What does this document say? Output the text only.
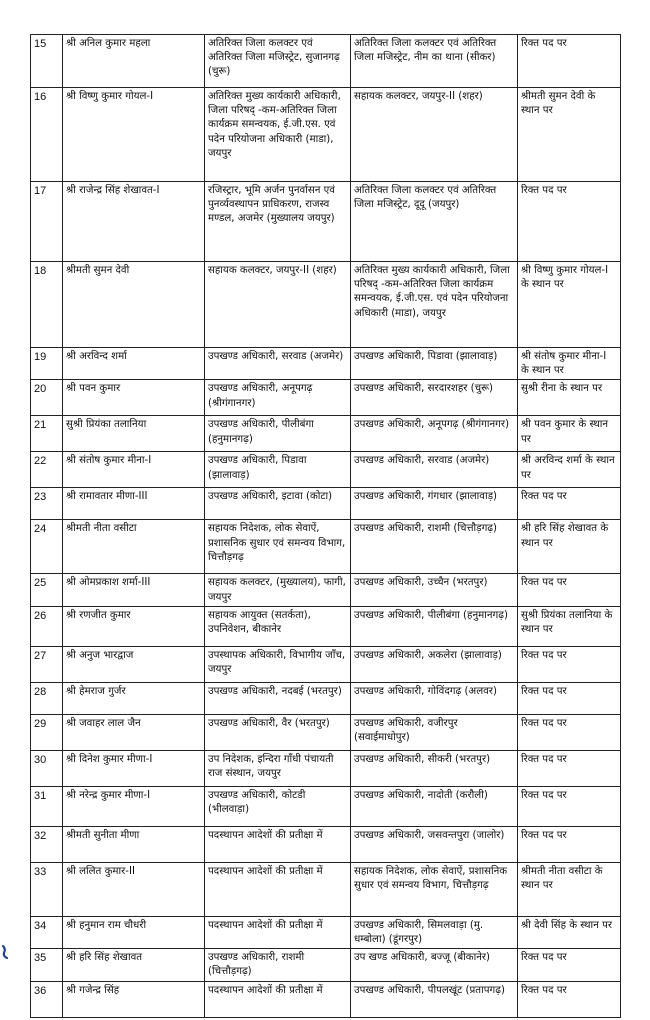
15	श्री अनिल कुमार महला	अतिरिक्त जिला कलक्टर एवं अतिरिक्त जिला मजिस्ट्रेट, सुजानगढ़ (चुरू)	अतिरिक्त जिला कलक्टर एवं अतिरिक्त जिला मजिस्ट्रेट, नीम का थाना (सीकर)	रिक्त पद पर
16	श्री विष्णु कुमार गोयल-I	अतिरिक्त मुख्य कार्यकारी अधिकारी, जिला परिषद् -कम-अतिरिक्त जिला कार्यक्रम समन्वयक, ई.जी.एस. एवं पदेन परियोजना अधिकारी (माडा), जयपुर	सहायक कलक्टर, जयपुर-II (शहर)	श्रीमती सुमन देवी के स्थान पर
17	श्री राजेन्द्र सिंह शेखावत-I	रजिस्ट्रार, भूमि अर्जन पुनर्वासन एवं पुनर्व्यवस्थापन प्राधिकरण, राजस्व मण्डल, अजमेर (मुख्यालय जयपुर)	अतिरिक्त जिला कलक्टर एवं अतिरिक्त जिला मजिस्ट्रेट, दूदू (जयपुर)	रिक्त पद पर
18	श्रीमती सुमन देवी	सहायक कलक्टर, जयपुर-II (शहर)	अतिरिक्त मुख्य कार्यकारी अधिकारी, जिला परिषद् -कम-अतिरिक्त जिला कार्यक्रम समन्वयक, ई.जी.एस. एवं पदेन परियोजना अधिकारी (माडा), जयपुर	श्री विष्णु कुमार गोयल-I के स्थान पर
19	श्री अरविन्द शर्मा	उपखण्ड अधिकारी, सरवाड (अजमेर)	उपखण्ड अधिकारी, पिडावा (झालावाड़)	श्री संतोष कुमार मीना-I के स्थान पर
20	श्री पवन कुमार	उपखण्ड अधिकारी, अनूपगढ़ (श्रीगंगानगर)	उपखण्ड अधिकारी, सरदारशहर (चुरू)	सुश्री रीना के स्थान पर
21	सुश्री प्रियंका तलानिया	उपखण्ड अधिकारी, पीलीबंगा (हनुमानगढ़)	उपखण्ड अधिकारी, अनूपगढ़ (श्रीगंगानगर)	श्री पवन कुमार के स्थान पर
22	श्री संतोष कुमार मीना-I	उपखण्ड अधिकारी, पिडावा (झालावाड़)	उपखण्ड अधिकारी, सरवाड (अजमेर)	श्री अरविन्द शर्मा के स्थान पर
23	श्री रामावतार मीणा-III	उपखण्ड अधिकारी, इटावा (कोटा)	उपखण्ड अधिकारी, गंगधार (झालावाड़)	रिक्त पद पर
24	श्रीमती नीता वसीटा	सहायक निदेशक, लोक सेवाऐं, प्रशासनिक सुधार एवं समन्वय विभाग, चित्तौड़गढ़	उपखण्ड अधिकारी, राशमी (चित्तौड़गढ़)	श्री हरि सिंह शेखावत के स्थान पर
25	श्री ओमप्रकाश शर्मा-III	सहायक कलक्टर, (मुख्यालय), फागी, जयपुर	उपखण्ड अधिकारी, उच्चैन (भरतपुर)	रिक्त पद पर
26	श्री रणजीत कुमार	सहायक आयुक्त (सतर्कता), उपनिवेशन, बीकानेर	उपखण्ड अधिकारी, पीलीबंगा (हनुमानगढ़)	सुश्री प्रियंका तलानिया के स्थान पर
27	श्री अनुज भारद्वाज	उपस्थापक अधिकारी, विभागीय जाँच, जयपुर	उपखण्ड अधिकारी, अकलेरा (झालावाड़)	रिक्त पद पर
28	श्री हेमराज गुर्जर	उपखण्ड अधिकारी, नदबई (भरतपुर)	उपखण्ड अधिकारी, गोविंदगढ़ (अलवर)	रिक्त पद पर
29	श्री जवाहर लाल जैन	उपखण्ड अधिकारी, वैर (भरतपुर)	उपखण्ड अधिकारी, वजीरपुर (सवाईमाधोपुर)	रिक्त पद पर
30	श्री दिनेश कुमार मीणा-I	उप निदेशक, इन्दिरा गाँधी पंचायती राज संस्थान, जयपुर	उपखण्ड अधिकारी, सीकरी (भरतपुर)	रिक्त पद पर
31	श्री नरेन्द्र कुमार मीणा-I	उपखण्ड अधिकारी, कोटडी (भीलवाड़ा)	उपखण्ड अधिकारी, नादोती (करौली)	रिक्त पद पर
32	श्रीमती सुनीता मीणा	पदस्थापन आदेशों की प्रतीक्षा में	उपखण्ड अधिकारी, जसवन्तपुरा (जालोर)	रिक्त पद पर
33	श्री ललित कुमार-II	पदस्थापन आदेशों की प्रतीक्षा में	सहायक निदेशक, लोक सेवाऐं, प्रशासनिक सुधार एवं समन्वय विभाग, चित्तौड़गढ़	श्रीमती नीता वसीटा के स्थान पर
34	श्री हनुमान राम चौधरी	पदस्थापन आदेशों की प्रतीक्षा में	उपखण्ड अधिकारी, सिमलवाड़ा (मु. धम्बोला) (डूंगरपुर)	श्री देवी सिंह के स्थान पर
35	श्री हरि सिंह शेखावत	उपखण्ड अधिकारी, राशमी (चित्तौड़गढ़)	उप खण्ड अधिकारी, बज्जू (बीकानेर)	रिक्त पद पर
36	श्री गजेन्द्र सिंह	पदस्थापन आदेशों की प्रतीक्षा में	उपखण्ड अधिकारी, पीपलखूंट (प्रतापगढ़)	रिक्त पद पर
